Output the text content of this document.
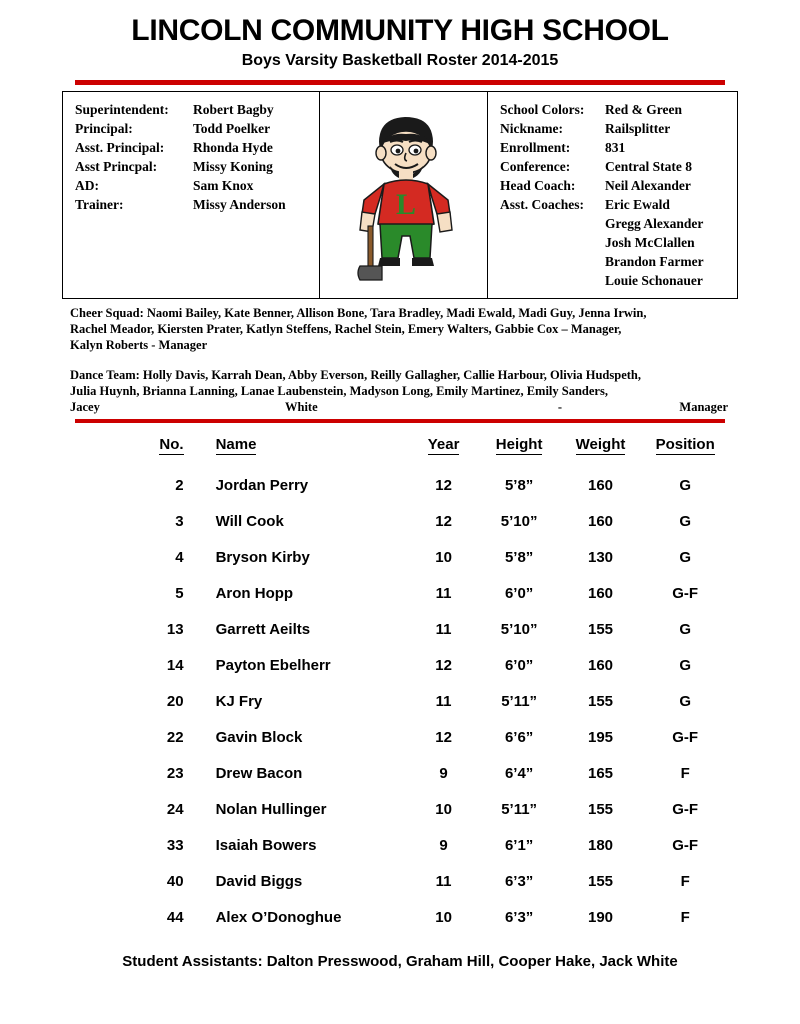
LINCOLN COMMUNITY HIGH SCHOOL
Boys Varsity Basketball Roster 2014-2015
Superintendent:	Robert Bagby
Principal:	Todd Poelker
Asst. Principal:	Rhonda Hyde
Asst Princpal:	Missy Koning
AD:	Sam Knox
Trainer:	Missy Anderson	L
School Colors:	Red & Green
Nickname:	Railsplitter
Enrollment:	831
Conference:	Central State 8
Head Coach:	Neil Alexander
Asst. Coaches:	Eric Ewald
Gregg Alexander
Josh McClallen
Brandon Farmer
Louie Schonauer
Cheer Squad: Naomi Bailey, Kate Benner, Allison Bone, Tara Bradley, Madi Ewald, Madi Guy, Jenna Irwin,
Rachel Meador, Kiersten Prater, Katlyn Steffens, Rachel Stein, Emery Walters, Gabbie Cox – Manager,
Kalyn Roberts - Manager
Dance Team: Holly Davis, Karrah Dean, Abby Everson, Reilly Gallagher, Callie Harbour, Olivia Hudspeth,
Julia Huynh, Brianna Lanning, Lanae Laubenstein, Madyson Long, Emily Martinez, Emily Sanders,
Jacey	White	-	Manager
No.	Name	Year	Height	Weight	Position
2	Jordan Perry	12	5’8”	160	G
3	Will Cook	12	5’10”	160	G
4	Bryson Kirby	10	5’8”	130	G
5	Aron Hopp	11	6’0”	160	G-F
13	Garrett Aeilts	11	5’10”	155	G
14	Payton Ebelherr	12	6’0”	160	G
20	KJ Fry	11	5’11”	155	G
22	Gavin Block	12	6’6”	195	G-F
23	Drew Bacon	9	6’4”	165	F
24	Nolan Hullinger	10	5’11”	155	G-F
33	Isaiah Bowers	9	6’1”	180	G-F
40	David Biggs	11	6’3”	155	F
44	Alex O’Donoghue	10	6’3”	190	F
Student Assistants: Dalton Presswood, Graham Hill, Cooper Hake, Jack White
